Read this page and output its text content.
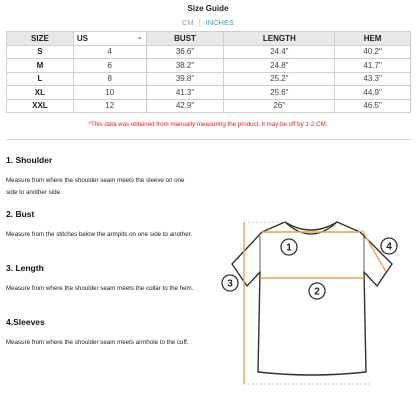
Size Guide
CM | INCHES
SIZE	US ⌄	BUST	LENGTH	HEM
S	4	36.6"	24.4"	40.2"
M	6	38.2"	24.8"	41.7"
L	8	39.8"	25.2"	43.3"
XL	10	41.3"	25.6"	44.9"
XXL	12	42.9"	26"	46.5"
*This data was obtained from manually measuring the product, it may be off by 1-2 CM.
1. Shoulder
Measure from where the shoulder seam meets the sleeve on one side to another side.
2. Bust
Measure from the stitches below the armpits on one side to another.
3. Length
Measure from where the shoulder seam meets the collar to the hem.
4.Sleeves
Measure from where the shoulder seam meets armhole to the cuff.
1
2
3
4
